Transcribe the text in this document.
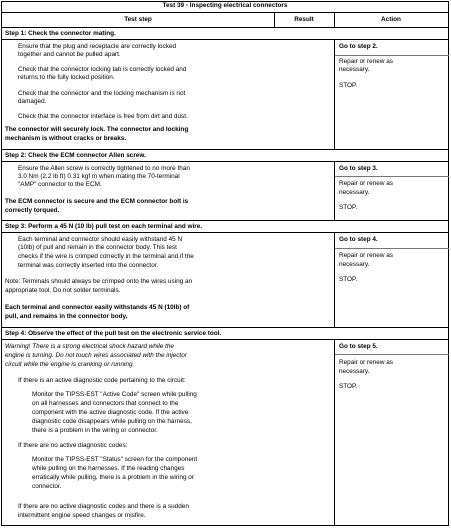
Test 39 - Inspecting electrical connectors
Test step	Result	Action
Step 1: Check the connector mating.
Ensure that the plug and receptacle are correctly locked
together and cannot be pulled apart.
Check that the connector locking tab is correctly locked and
returns to the fully locked position.
Check that the connector and the locking mechanism is not
damaged.
Check that the connector interface is free from dirt and dust.
The connector will securely lock. The connector and locking
mechanism is without cracks or breaks.
Go to step 2.
Repair or renew as
necessary.
STOP.
Step 2: Check the ECM connector Allen screw.
Ensure the Allen screw is correctly tightened to no more than
3.0 Nm (2.2 lb ft) 0.31 kgf m when mating the 70-terminal
"AMP" connector to the ECM.
The ECM connector is secure and the ECM connector bolt is
correctly torqued.
Go to step 3.
Repair or renew as
necessary.
STOP.
Step 3: Perform a 45 N (10 lb) pull test on each terminal and wire.
Each terminal and connector should easily withstand 45 N
(10lb) of pull and remain in the connector body. This test
checks if the wire is crimped correctly in the terminal and if the
terminal was correctly inserted into the connector.
Note: Terminals should always be crimped onto the wires using an
appropriate tool. Do not solder terminals.
Each terminal and connector easily withstands 45 N (10lb) of
pull, and remains in the connector body.
Go to step 4.
Repair or renew as
necessary.
STOP.
Step 4: Observe the effect of the pull test on the electronic service tool.
Warning! There is a strong electrical shock hazard while the
engine is turning. Do not touch wires associated with the injector
circuit while the engine is cranking or running.
If there is an active diagnostic code pertaining to the circuit:
Monitor the TIPSS-EST "Active Code" screen while pulling
on all harnesses and connectors that connect to the
component with the active diagnostic code. If the active
diagnostic code disappears while pulling on the harness,
there is a problem in the wiring or connector.
If there are no active diagnostic codes:
Monitor the TIPSS-EST "Status" screen for the component
while pulling on the harnesses. If the reading changes
erratically while pulling, there is a problem in the wiring or
connector.
If there are no active diagnostic codes and there is a sudden
intermittent engine speed changes or misfire.
Go to step 5.
Repair or renew as
necessary.
STOP.
